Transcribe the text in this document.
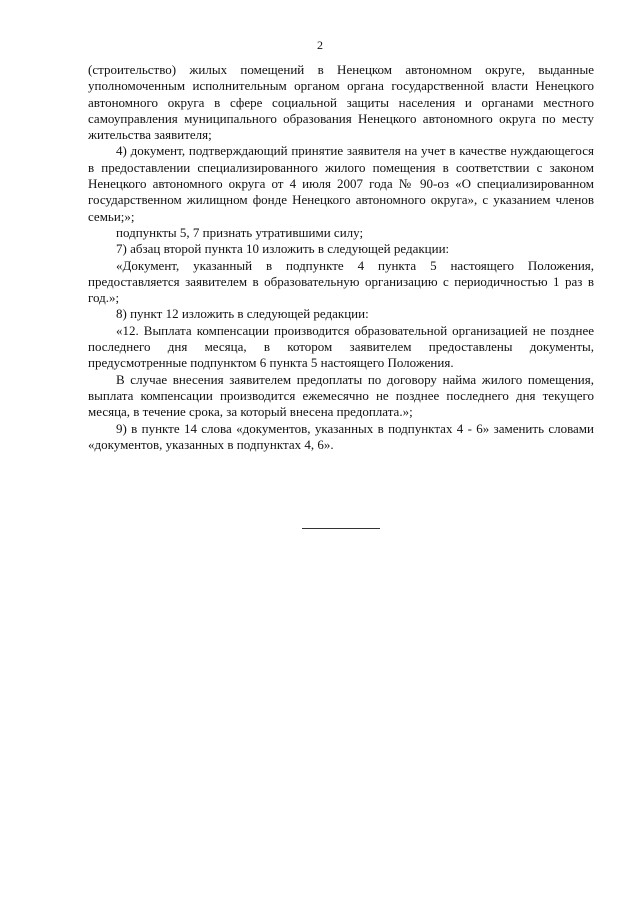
2

(строительство) жилых помещений в Ненецком автономном округе, выданные уполномоченным исполнительным органом органа государственной власти Ненецкого автономного округа в сфере социальной защиты населения и органами местного самоуправления муниципального образования Ненецкого автономного округа по месту жительства заявителя;

4) документ, подтверждающий принятие заявителя на учет в качестве нуждающегося в предоставлении специализированного жилого помещения в соответствии с законом Ненецкого автономного округа от 4 июля 2007 года № 90-оз «О специализированном государственном жилищном фонде Ненецкого автономного округа», с указанием членов семьи;»;

подпункты 5, 7 признать утратившими силу;

7) абзац второй пункта 10 изложить в следующей редакции:

«Документ, указанный в подпункте 4 пункта 5 настоящего Положения, предоставляется заявителем в образовательную организацию с периодичностью 1 раз в год.»;

8) пункт 12 изложить в следующей редакции:

«12. Выплата компенсации производится образовательной организацией не позднее последнего дня месяца, в котором заявителем предоставлены документы, предусмотренные подпунктом 6 пункта 5 настоящего Положения.

В случае внесения заявителем предоплаты по договору найма жилого помещения, выплата компенсации производится ежемесячно не позднее последнего дня текущего месяца, в течение срока, за который внесена предоплата.»;

9) в пункте 14 слова «документов, указанных в подпунктах 4 - 6» заменить словами «документов, указанных в подпунктах 4, 6».
